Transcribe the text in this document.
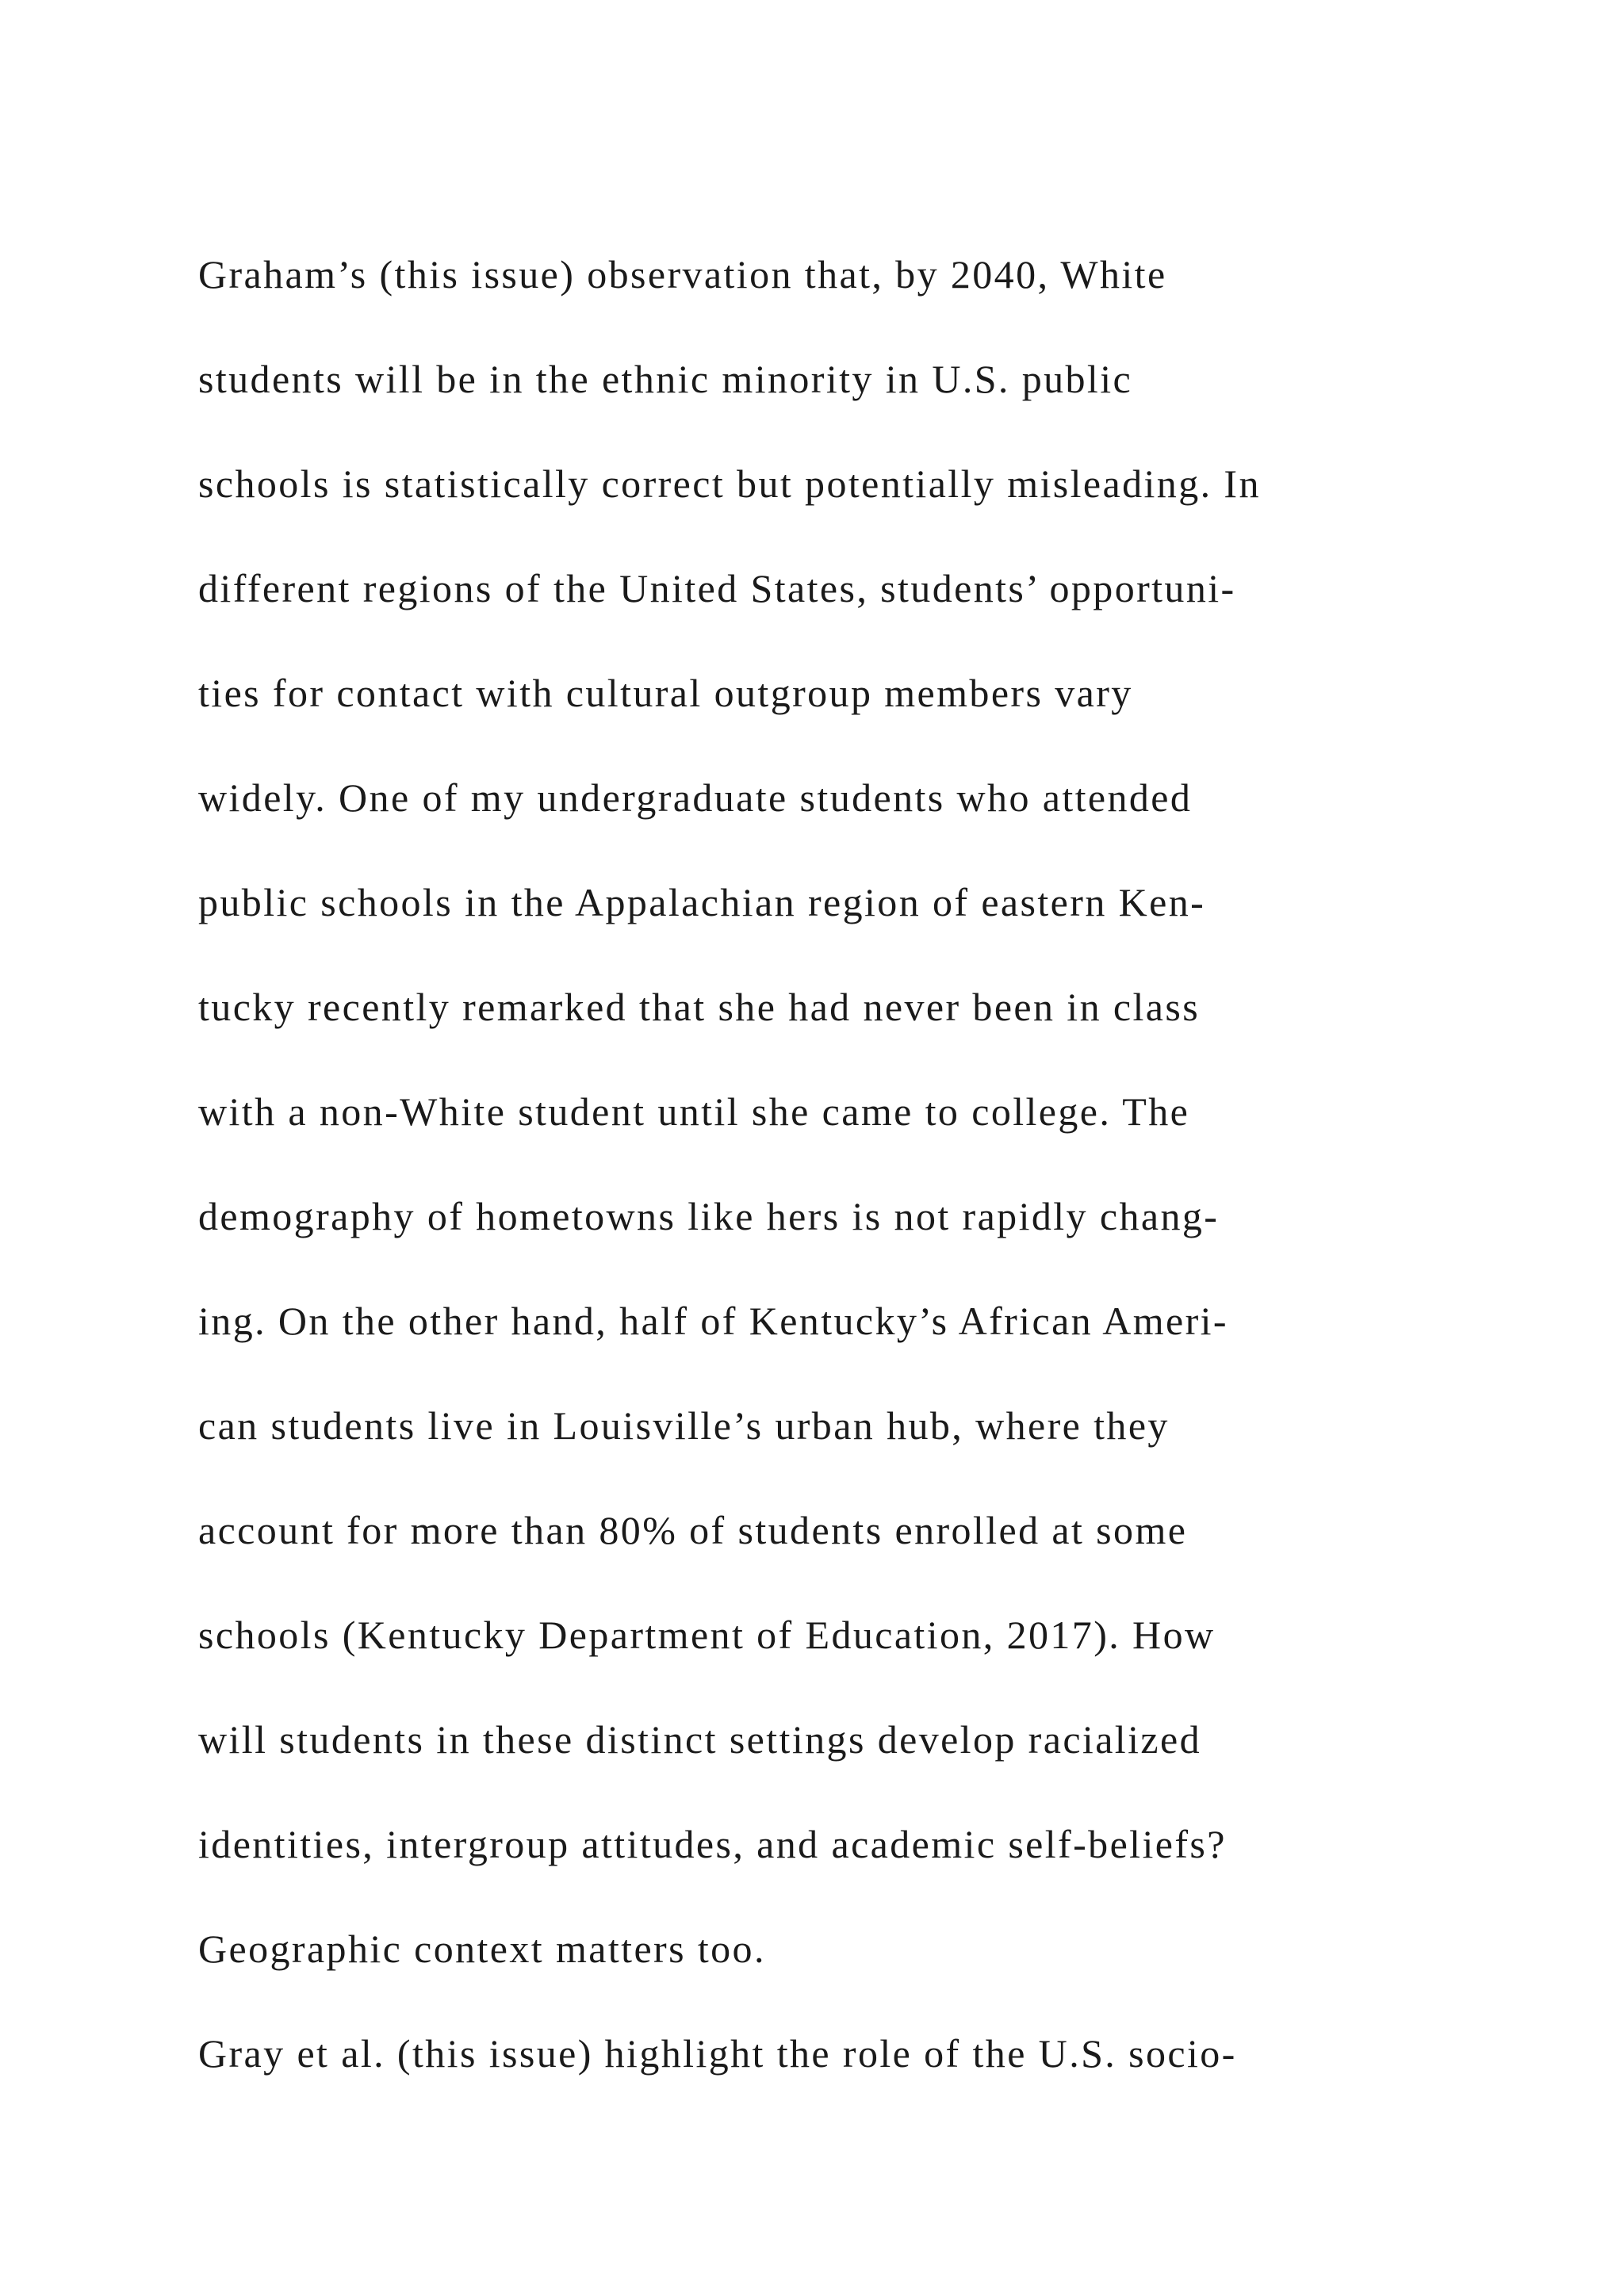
Graham’s (this issue) observation that, by 2040, White
students will be in the ethnic minority in U.S. public
schools is statistically correct but potentially misleading. In
different regions of the United States, students’ opportuni-
ties for contact with cultural outgroup members vary
widely. One of my undergraduate students who attended
public schools in the Appalachian region of eastern Ken-
tucky recently remarked that she had never been in class
with a non-White student until she came to college. The
demography of hometowns like hers is not rapidly chang-
ing. On the other hand, half of Kentucky’s African Ameri-
can students live in Louisville’s urban hub, where they
account for more than 80% of students enrolled at some
schools (Kentucky Department of Education, 2017). How
will students in these distinct settings develop racialized
identities, intergroup attitudes, and academic self-beliefs?
Geographic context matters too.
Gray et al. (this issue) highlight the role of the U.S. socio-
